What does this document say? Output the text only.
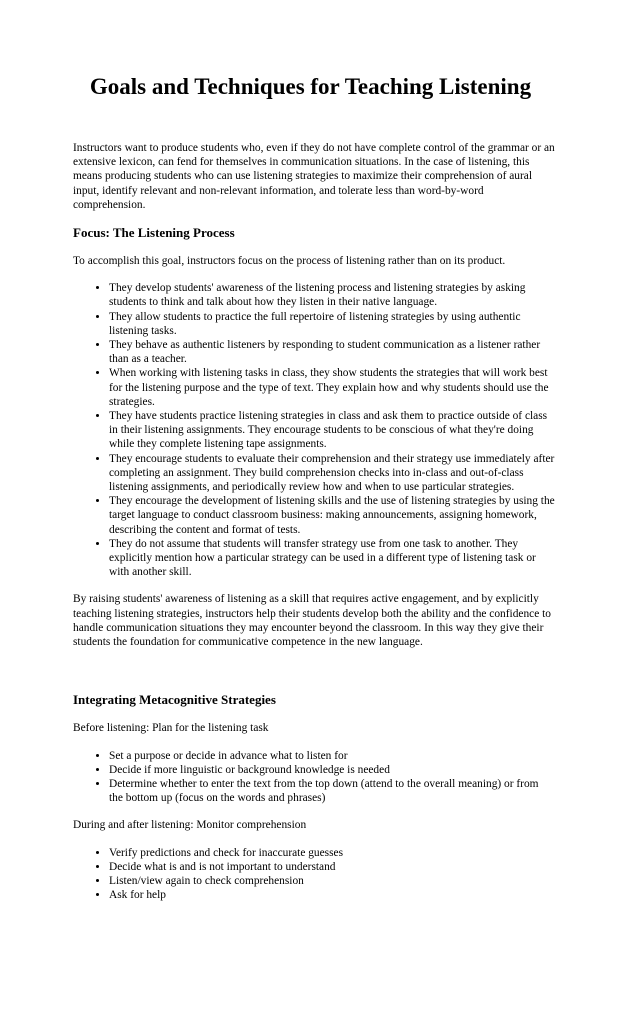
Goals and Techniques for Teaching Listening

Instructors want to produce students who, even if they do not have complete control of the grammar or an extensive lexicon, can fend for themselves in communication situations. In the case of listening, this means producing students who can use listening strategies to maximize their comprehension of aural input, identify relevant and non-relevant information, and tolerate less than word-by-word comprehension.

Focus: The Listening Process

To accomplish this goal, instructors focus on the process of listening rather than on its product.

• They develop students' awareness of the listening process and listening strategies by asking students to think and talk about how they listen in their native language.
• They allow students to practice the full repertoire of listening strategies by using authentic listening tasks.
• They behave as authentic listeners by responding to student communication as a listener rather than as a teacher.
• When working with listening tasks in class, they show students the strategies that will work best for the listening purpose and the type of text. They explain how and why students should use the strategies.
• They have students practice listening strategies in class and ask them to practice outside of class in their listening assignments. They encourage students to be conscious of what they're doing while they complete listening tape assignments.
• They encourage students to evaluate their comprehension and their strategy use immediately after completing an assignment. They build comprehension checks into in-class and out-of-class listening assignments, and periodically review how and when to use particular strategies.
• They encourage the development of listening skills and the use of listening strategies by using the target language to conduct classroom business: making announcements, assigning homework, describing the content and format of tests.
• They do not assume that students will transfer strategy use from one task to another. They explicitly mention how a particular strategy can be used in a different type of listening task or with another skill.

By raising students' awareness of listening as a skill that requires active engagement, and by explicitly teaching listening strategies, instructors help their students develop both the ability and the confidence to handle communication situations they may encounter beyond the classroom. In this way they give their students the foundation for communicative competence in the new language.

Integrating Metacognitive Strategies

Before listening: Plan for the listening task

• Set a purpose or decide in advance what to listen for
• Decide if more linguistic or background knowledge is needed
• Determine whether to enter the text from the top down (attend to the overall meaning) or from the bottom up (focus on the words and phrases)

During and after listening: Monitor comprehension

• Verify predictions and check for inaccurate guesses
• Decide what is and is not important to understand
• Listen/view again to check comprehension
• Ask for help
